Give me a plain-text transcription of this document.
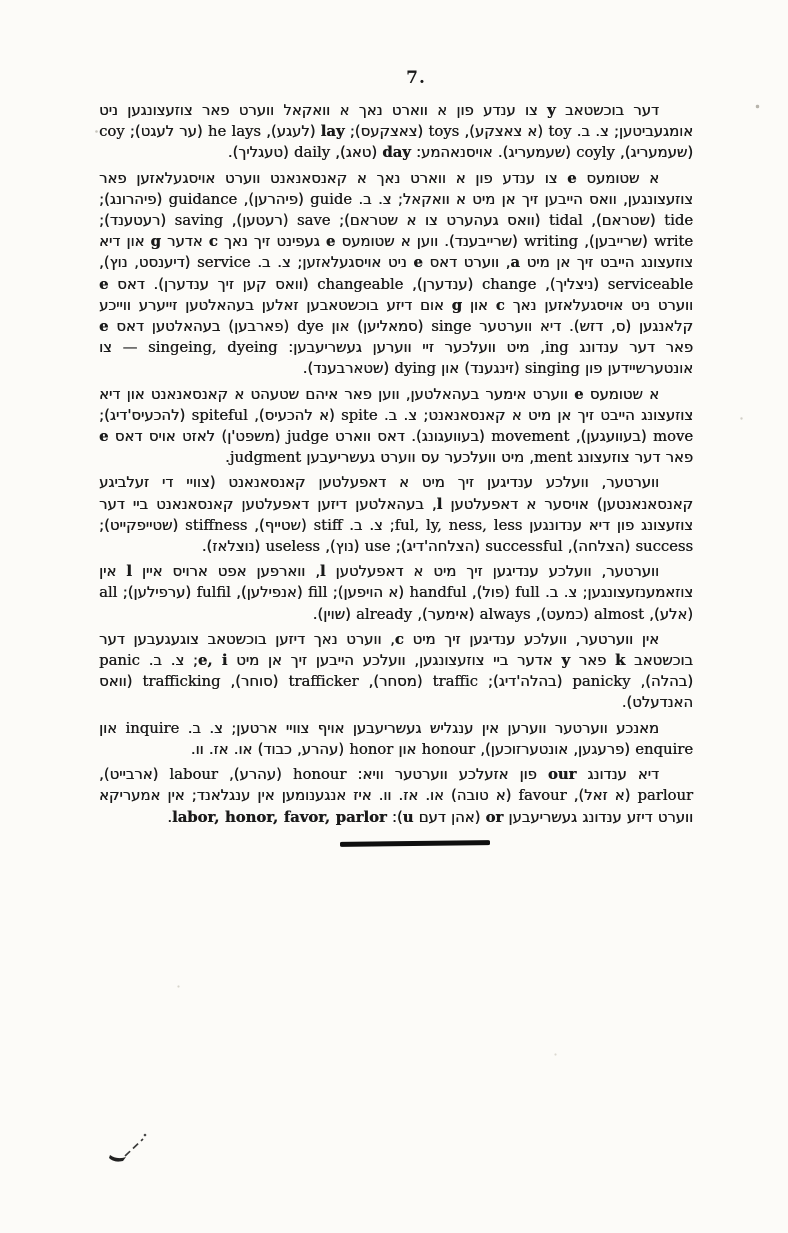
7.

דער בוכשטאב y צו ענדע פון א ווארט נאך א וואקאל ווערט פאר צוזעצונגען ניט אומגעביטען; צ. ב. toy (א צאצקע), toys (צאצקעס); lay (לעגע), he lays (ער לעגט); coy (שעמעריג), coyly (שעמעריג). אויסנאהמע: day (טאג), daily (טעגליך).

א שטומעס e צו ענדע פון א ווארט נאך א קאנסאנאנט ווערט אויסגעלאזען פאר צוזעצונגען, וואס הייבען זיך אן מיט א וואקאל; צ. ב. guide (פיהרען), guidance (פיהרונג); tide (שטראם), tidal (וואס געהערט צו א שטראם); save (רעטען), saving (רעטענד); write (שרייבען), writing (שרייבענד). ווען א שטומעס e געפינט זיך נאך c אדער g און דיא צוזעצונג הייבט זיך אן מיט a, ווערט דאס e ניט אויסגעלאזען; צ. ב. service (דיענסט, נוץ), serviceable (ניצליך), change (ענדערן), changeable (וואס קען זיך ענדערן). דאס e ווערט ניט אויסגעלאזען נאך c און g אום דיזע בוכשטאבען זאלען בעהאלטען זייערע ווייכע קלאנגען (ס, דזש). דיא ווערטער singe (סמאליען) און dye (פארבען) בעהאלטען דאס e פאר דער ענדונג ing, מיט וועלכער זיי ווערען געשריעבען: singeing, dyeing — צו אונטערשיידען פון singing (זינגענד) און dying (שטארבענד).

א שטומעס e ווערט אימער בעהאלטען, ווען פאר איהם שטעהט א קאנסאנאנט און דיא צוזעצונג הייבט זיך אן מיט א קאנסאנאנט; צ. ב. spite (א להכעיס), spiteful (להכעיס'דיג); move (בעוועגען), movement (בעוועגונג). דאס ווארט judge (משפט'ן) לאזט אויס דאס e פאר דער צוזעצונג ment, מיט וועלכער עס ווערט געשריעבען judgment.

ווערטער, וועלכע ענדיגען זיך מיט א דאפעלטען קאנסאנאנט (צוויי די זעלביגע קאנסאנאנטען) אויסער א דאפעלטען l, בעהאלטען דיזען דאפעלטען קאנסאנאנט ביי דער צוזעצונג פון דיא ענדונגען ful, ly, ness, less; צ. ב. stiff (שטייף), stiffness (שטייפקייט); success (הצלחה), successful (הצלחה'דיג); use (נוץ), useless (נוצלאז).

ווערטער, וועלכע ענדיגען זיך מיט א דאפעלטען l, ווארפען אפט ארויס איין l אין צוזאמענזעצונגען; צ. ב. full (פול), handful (א הויפען); fill (אנפילען), fulfil (ערפילען); all (אלע), almost (כמעט), always (אימער), already (שוין).

אין ווערטער, וועלכע ענדיגען זיך מיט c, ווערט נאך דיזען בוכשטאב צוגעגעבען דער בוכשטאב k פאר y אדער ביי צוזעצונגען, וועלכע הייבען זיך אן מיט e, i; צ. ב. panic (בהלה), panicky (בהלה'דיג); traffic (מסחר), trafficker (סוחר), trafficking (וואס האנדעלט).

מאנכע ווערטער ווערען אין ענגליש געשריעבען אויף צוויי ארטען; צ. ב. inquire און enquire (פרעגען, אונטערזוכען), honour און honor (עהרע, כבוד) או. אז. וו.

דיא ענדונג our פון אזעלכע ווערטער וויא: honour (עהרע), labour (ארבייט), parlour (א זאל), favour (א טובה) או. אז. וו. איז אנגענומען אין ענגלאנד; אין אמעריקא ווערט דיזע ענדונג געשריעבען or (אהן דעם u): labor, honor, favor, parlor.
